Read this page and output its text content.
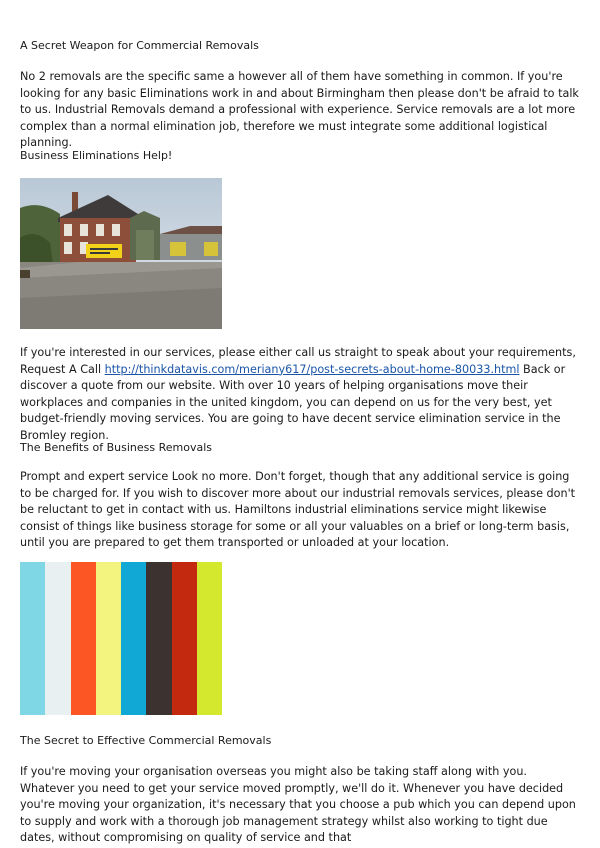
A Secret Weapon for Commercial Removals

No 2 removals are the specific same a however all of them have something in common. If you're looking for any basic Eliminations work in and about Birmingham then please don't be afraid to talk to us. Industrial Removals demand a professional with experience. Service removals are a lot more complex than a normal elimination job, therefore we must integrate some additional logistical planning.

Business Eliminations Help!

If you're interested in our services, please either call us straight to speak about your requirements, Request A Call http://thinkdatavis.com/meriany617/post-secrets-about-home-80033.html Back or discover a quote from our website. With over 10 years of helping organisations move their workplaces and companies in the united kingdom, you can depend on us for the very best, yet budget-friendly moving services. You are going to have decent service elimination service in the Bromley region.

The Benefits of Business Removals

Prompt and expert service Look no more. Don't forget, though that any additional service is going to be charged for. If you wish to discover more about our industrial removals services, please don't be reluctant to get in contact with us. Hamiltons industrial eliminations service might likewise consist of things like business storage for some or all your valuables on a brief or long-term basis, until you are prepared to get them transported or unloaded at your location.

The Secret to Effective Commercial Removals

If you're moving your organisation overseas you might also be taking staff along with you. Whatever you need to get your service moved promptly, we'll do it. Whenever you have decided you're moving your organization, it's necessary that you choose a pub which you can depend upon to supply and work with a thorough job management strategy whilst also working to tight due dates, without compromising on quality of service and that
